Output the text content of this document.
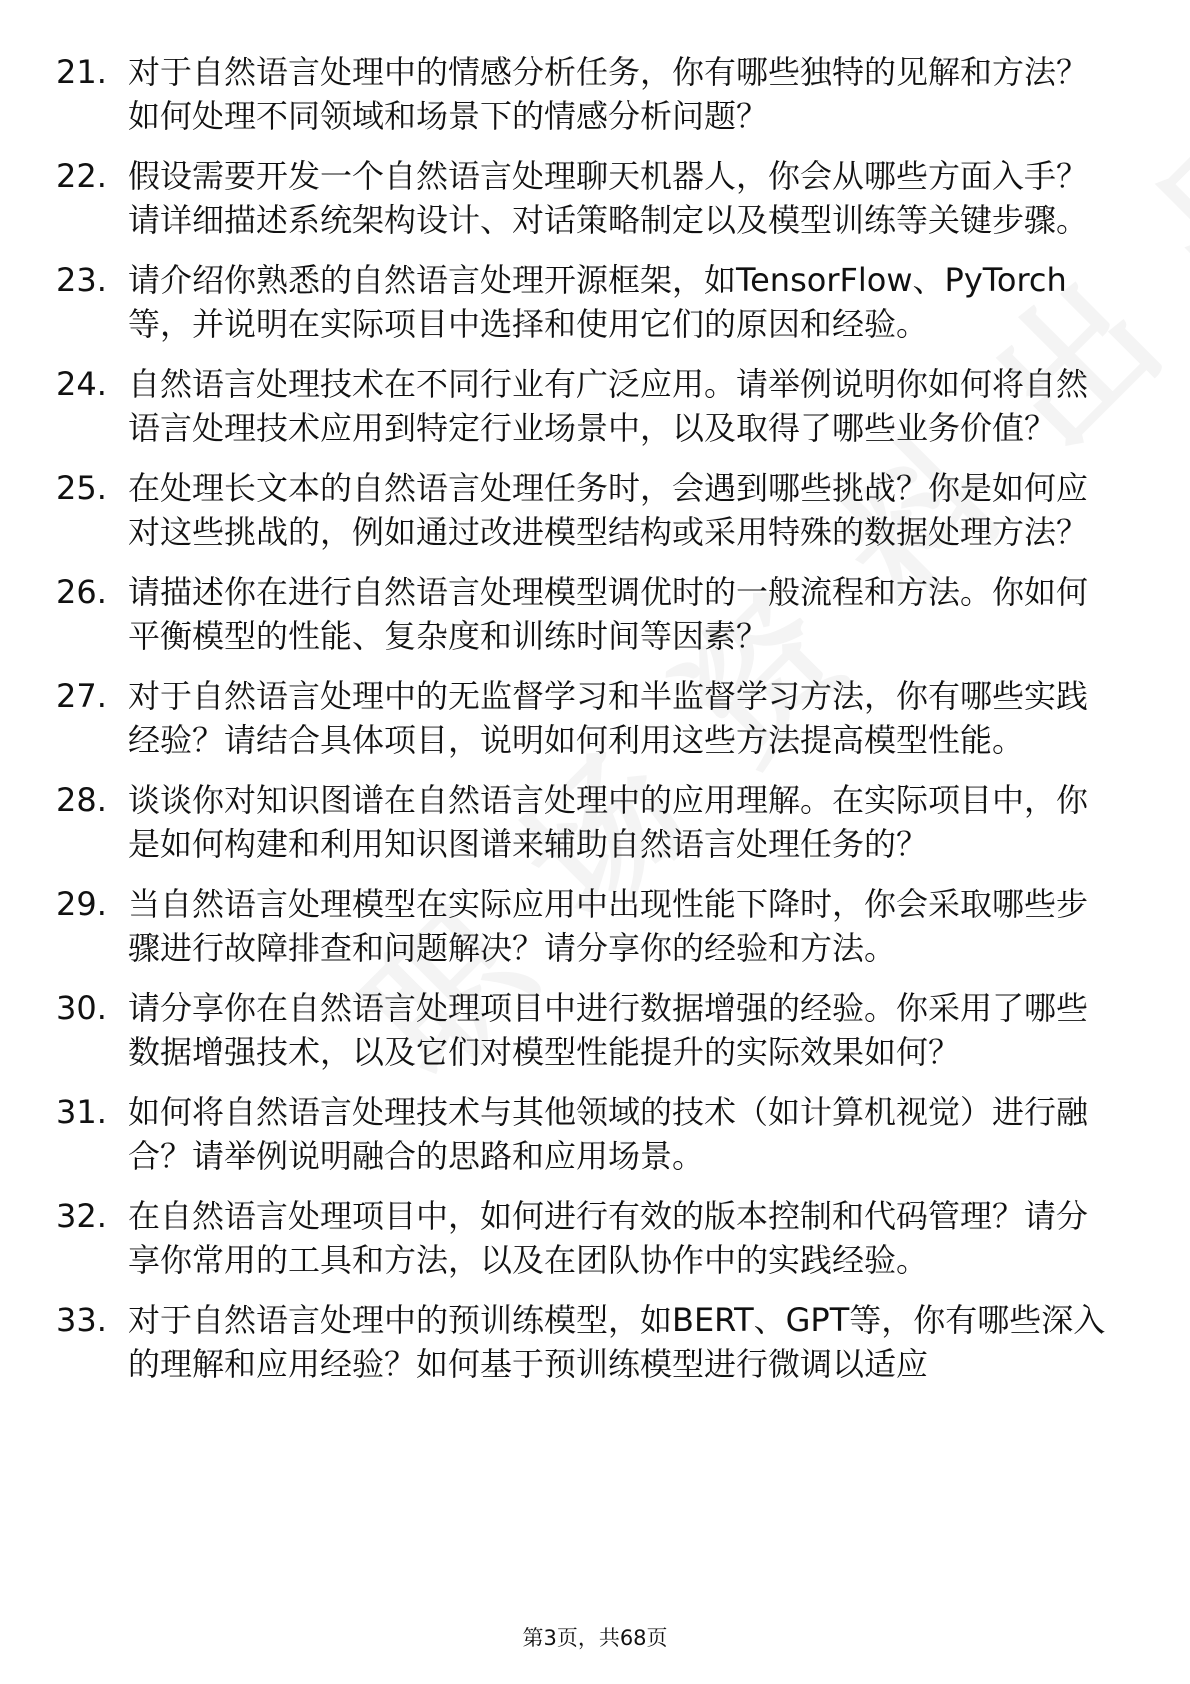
21. 对于自然语言处理中的情感分析任务，你有哪些独特的见解和方法？如何处理不同领域和场景下的情感分析问题？
22. 假设需要开发一个自然语言处理聊天机器人，你会从哪些方面入手？请详细描述系统架构设计、对话策略制定以及模型训练等关键步骤。
23. 请介绍你熟悉的自然语言处理开源框架，如TensorFlow、PyTorch等，并说明在实际项目中选择和使用它们的原因和经验。
24. 自然语言处理技术在不同行业有广泛应用。请举例说明你如何将自然语言处理技术应用到特定行业场景中，以及取得了哪些业务价值？
25. 在处理长文本的自然语言处理任务时，会遇到哪些挑战？你是如何应对这些挑战的，例如通过改进模型结构或采用特殊的数据处理方法？
26. 请描述你在进行自然语言处理模型调优时的一般流程和方法。你如何平衡模型的性能、复杂度和训练时间等因素？
27. 对于自然语言处理中的无监督学习和半监督学习方法，你有哪些实践经验？请结合具体项目，说明如何利用这些方法提高模型性能。
28. 谈谈你对知识图谱在自然语言处理中的应用理解。在实际项目中，你是如何构建和利用知识图谱来辅助自然语言处理任务的？
29. 当自然语言处理模型在实际应用中出现性能下降时，你会采取哪些步骤进行故障排查和问题解决？请分享你的经验和方法。
30. 请分享你在自然语言处理项目中进行数据增强的经验。你采用了哪些数据增强技术，以及它们对模型性能提升的实际效果如何？
31. 如何将自然语言处理技术与其他领域的技术（如计算机视觉）进行融合？请举例说明融合的思路和应用场景。
32. 在自然语言处理项目中，如何进行有效的版本控制和代码管理？请分享你常用的工具和方法，以及在团队协作中的实践经验。
33. 对于自然语言处理中的预训练模型，如BERT、GPT等，你有哪些深入的理解和应用经验？如何基于预训练模型进行微调以适应
第3页，共68页
